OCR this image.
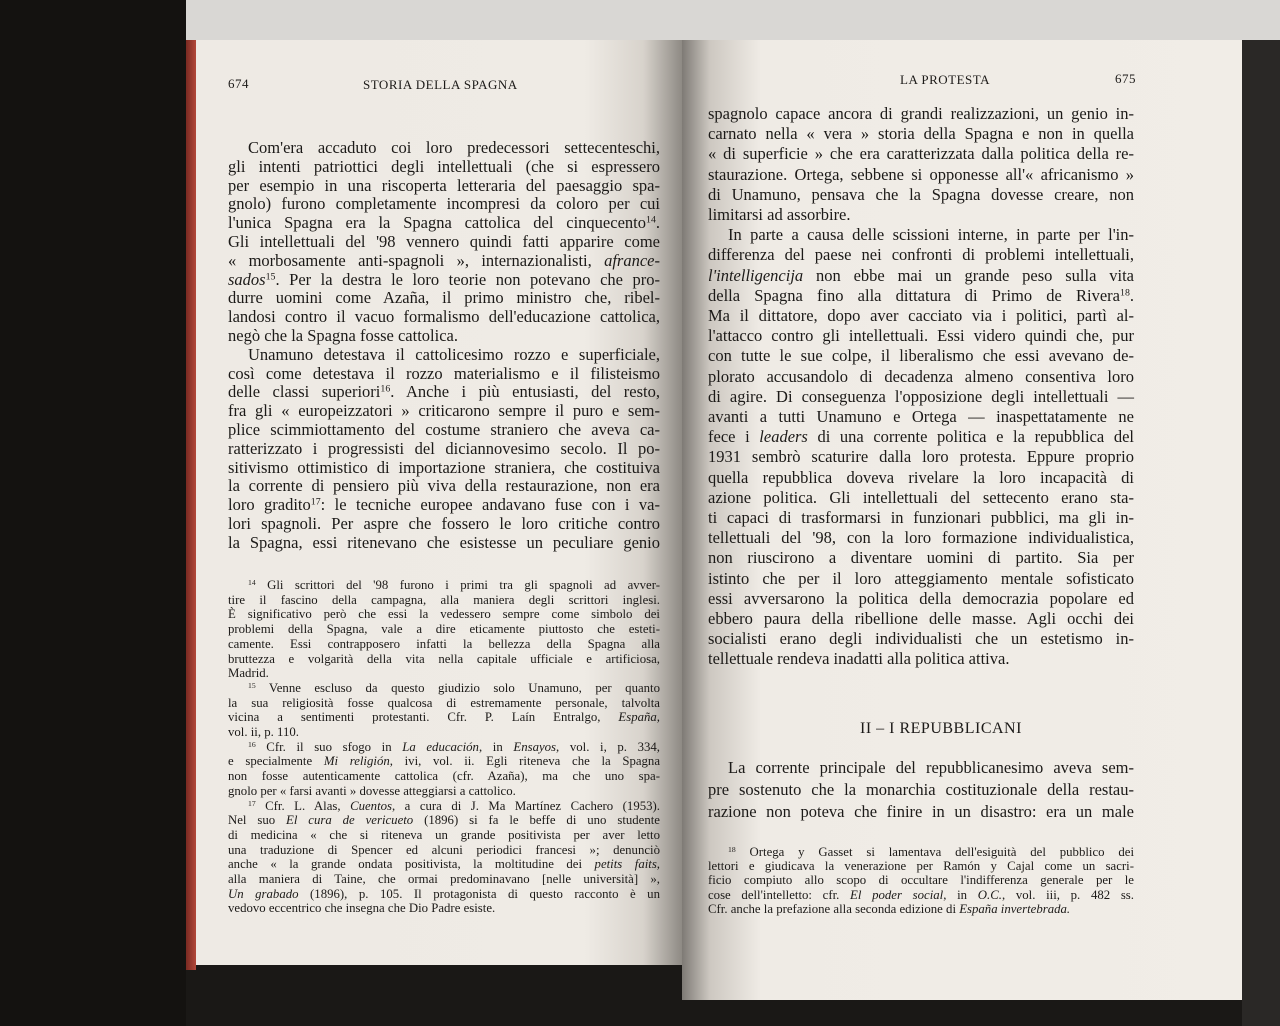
674	STORIA DELLA SPAGNA
Com'era accaduto coi loro predecessori settecenteschi,
gli intenti patriottici degli intellettuali (che si espressero
per esempio in una riscoperta letteraria del paesaggio spa-
gnolo) furono completamente incompresi da coloro per cui
l'unica Spagna era la Spagna cattolica del cinquecento$^{14}$.
Gli intellettuali del '98 vennero quindi fatti apparire come
« morbosamente anti-spagnoli », internazionalisti, afrance-
sados$^{15}$. Per la destra le loro teorie non potevano che pro-
durre uomini come Azaña, il primo ministro che, ribel-
landosi contro il vacuo formalismo dell'educazione cattolica,
negò che la Spagna fosse cattolica.
Unamuno detestava il cattolicesimo rozzo e superficiale,
così come detestava il rozzo materialismo e il filisteismo
delle classi superiori$^{16}$. Anche i più entusiasti, del resto,
fra gli « europeizzatori » criticarono sempre il puro e sem-
plice scimmiottamento del costume straniero che aveva ca-
ratterizzato i progressisti del diciannovesimo secolo. Il po-
sitivismo ottimistico di importazione straniera, che costituiva
la corrente di pensiero più viva della restaurazione, non era
loro gradito$^{17}$: le tecniche europee andavano fuse con i va-
lori spagnoli. Per aspre che fossero le loro critiche contro
la Spagna, essi ritenevano che esistesse un peculiare genio
$^{14}$ Gli scrittori del '98 furono i primi tra gli spagnoli ad avver-
tire il fascino della campagna, alla maniera degli scrittori inglesi.
È significativo però che essi la vedessero sempre come simbolo dei
problemi della Spagna, vale a dire eticamente piuttosto che esteti-
camente. Essi contrapposero infatti la bellezza della Spagna alla
bruttezza e volgarità della vita nella capitale ufficiale e artificiosa,
Madrid.
$^{15}$ Venne escluso da questo giudizio solo Unamuno, per quanto
la sua religiosità fosse qualcosa di estremamente personale, talvolta
vicina a sentimenti protestanti. Cfr. P. Laín Entralgo, España,
vol. ii, p. 110.
$^{16}$ Cfr. il suo sfogo in La educación, in Ensayos, vol. i, p. 334,
e specialmente Mi religión, ivi, vol. ii. Egli riteneva che la Spagna
non fosse autenticamente cattolica (cfr. Azaña), ma che uno spa-
gnolo per « farsi avanti » dovesse atteggiarsi a cattolico.
$^{17}$ Cfr. L. Alas, Cuentos, a cura di J. Ma Martínez Cachero (1953).
Nel suo El cura de vericueto (1896) si fa le beffe di uno studente
di medicina « che si riteneva un grande positivista per aver letto
una traduzione di Spencer ed alcuni periodici francesi »; denunciò
anche « la grande ondata positivista, la moltitudine dei petits faits,
alla maniera di Taine, che ormai predominavano [nelle università] »,
Un grabado (1896), p. 105. Il protagonista di questo racconto è un
vedovo eccentrico che insegna che Dio Padre esiste.
LA PROTESTA	675
spagnolo capace ancora di grandi realizzazioni, un genio in-
carnato nella « vera » storia della Spagna e non in quella
« di superficie » che era caratterizzata dalla politica della re-
staurazione. Ortega, sebbene si opponesse all'« africanismo »
di Unamuno, pensava che la Spagna dovesse creare, non
limitarsi ad assorbire.
In parte a causa delle scissioni interne, in parte per l'in-
differenza del paese nei confronti di problemi intellettuali,
l'intelligencija non ebbe mai un grande peso sulla vita
della Spagna fino alla dittatura di Primo de Rivera$^{18}$.
Ma il dittatore, dopo aver cacciato via i politici, partì al-
l'attacco contro gli intellettuali. Essi videro quindi che, pur
con tutte le sue colpe, il liberalismo che essi avevano de-
plorato accusandolo di decadenza almeno consentiva loro
di agire. Di conseguenza l'opposizione degli intellettuali —
avanti a tutti Unamuno e Ortega — inaspettatamente ne
fece i leaders di una corrente politica e la repubblica del
1931 sembrò scaturire dalla loro protesta. Eppure proprio
quella repubblica doveva rivelare la loro incapacità di
azione politica. Gli intellettuali del settecento erano sta-
ti capaci di trasformarsi in funzionari pubblici, ma gli in-
tellettuali del '98, con la loro formazione individualistica,
non riuscirono a diventare uomini di partito. Sia per
istinto che per il loro atteggiamento mentale sofisticato
essi avversarono la politica della democrazia popolare ed
ebbero paura della ribellione delle masse. Agli occhi dei
socialisti erano degli individualisti che un estetismo in-
tellettuale rendeva inadatti alla politica attiva.
II – I REPUBBLICANI
La corrente principale del repubblicanesimo aveva sem-
pre sostenuto che la monarchia costituzionale della restau-
razione non poteva che finire in un disastro: era un male
$^{18}$ Ortega y Gasset si lamentava dell'esiguità del pubblico dei
lettori e giudicava la venerazione per Ramón y Cajal come un sacri-
ficio compiuto allo scopo di occultare l'indifferenza generale per le
cose dell'intelletto: cfr. El poder social, in O.C., vol. iii, p. 482 ss.
Cfr. anche la prefazione alla seconda edizione di España invertebrada.
